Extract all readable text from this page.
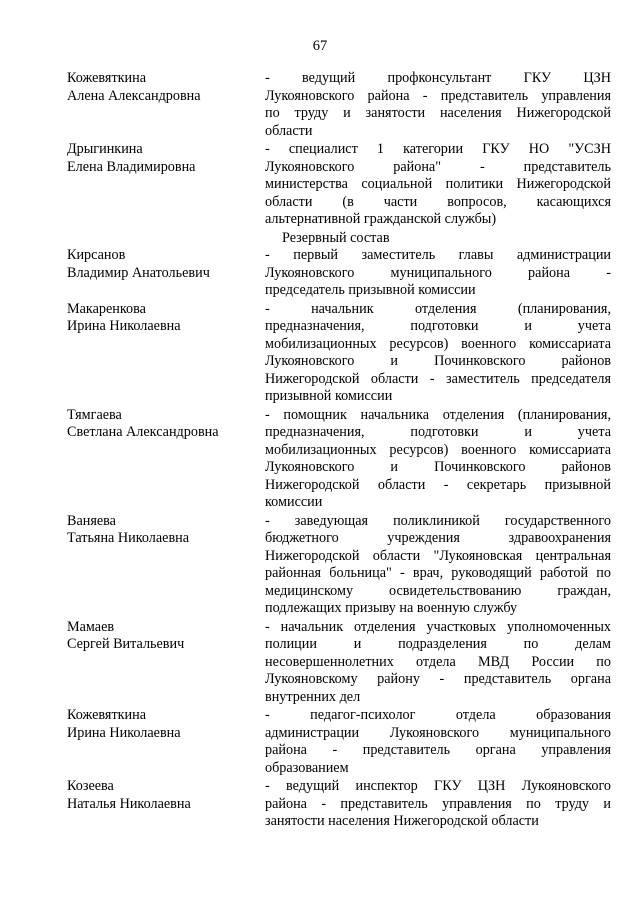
67
Кожевяткина
Алена Александровна
- ведущий профконсультант ГКУ ЦЗН
Лукояновского района - представитель управления
по труду и занятости населения Нижегородской
области
Дрыгинкина
Елена Владимировна
- специалист 1 категории ГКУ НО "УСЗН
Лукояновского района" - представитель
министерства социальной политики Нижегородской
области (в части вопросов, касающихся
альтернативной гражданской службы)
Резервный состав
Кирсанов
Владимир Анатольевич
- первый заместитель главы администрации
Лукояновского муниципального района -
председатель призывной комиссии
Макаренкова
Ирина Николаевна
- начальник отделения (планирования,
предназначения, подготовки и учета
мобилизационных ресурсов) военного комиссариата
Лукояновского и Починковского районов
Нижегородской области - заместитель председателя
призывной комиссии
Тямгаева
Светлана Александровна
- помощник начальника отделения (планирования,
предназначения, подготовки и учета
мобилизационных ресурсов) военного комиссариата
Лукояновского и Починковского районов
Нижегородской области - секретарь призывной
комиссии
Ваняева
Татьяна Николаевна
- заведующая поликлиникой государственного
бюджетного учреждения здравоохранения
Нижегородской области "Лукояновская центральная
районная больница" - врач, руководящий работой по
медицинскому освидетельствованию граждан,
подлежащих призыву на военную службу
Мамаев
Сергей Витальевич
- начальник отделения участковых уполномоченных
полиции и подразделения по делам
несовершеннолетних отдела МВД России по
Лукояновскому району - представитель органа
внутренних дел
Кожевяткина
Ирина Николаевна
- педагог-психолог отдела образования
администрации Лукояновского муниципального
района - представитель органа управления
образованием
Козеева
Наталья Николаевна
- ведущий инспектор ГКУ ЦЗН Лукояновского
района - представитель управления по труду и
занятости населения Нижегородской области
